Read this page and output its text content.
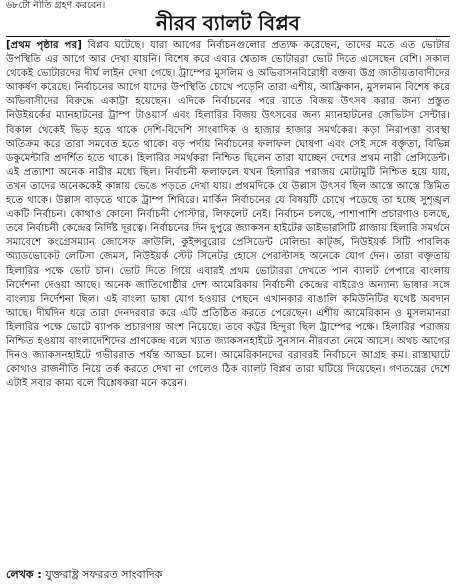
৬৮টো নীতি গ্রহণ করবেন।
নীরব ব্যালট বিপ্লব
[প্রথম পৃষ্ঠার পর] বিপ্লব ঘটেছে। যারা আগের নির্বাচনগুলোর প্রত্যক্ষ করেছেন, তাদের মতে এত ভোটার উপস্থিতি এর আগে আর দেখা যায়নি। বিশেষ করে এবার শ্বেতাঙ্গ ভোটাররা ভোট দিতে এসেছেন বেশি। সকাল থেকেই ভোটারদের দীর্ঘ লাইন দেখা গেছে। ট্রাম্পের মুসলিম ও অভিবাসনবিরোধী বক্তব্য উগ্র জাতীয়তাবাদীদের আকর্ষণ করেছে। নির্বাচনের আগে যাদের উপস্থিতি চোখে পড়েনি তারা এশীয়, আফ্রিকান, মুসলমান বিশেষ করে অভিবাসীদের বিরুদ্ধে একাট্টা হয়েছেন। এদিকে নির্বাচনের পরে রাতে বিজয় উৎসব করার জন্য প্রস্তুত নিউইয়র্কের ম্যানহাটনের ট্রাম্প টাওয়ার্স এবং হিলারির বিজয় উৎসবের জন্য ম্যানহাটনের জেভিটস সেন্টার। বিকাল থেকেই ভিড় হতে থাকে দেশি-বিদেশি সাংবাদিক ও হাজার হাজার সমর্থকের। কড়া নিরাপত্তা ব্যবস্থা অতিক্রম করে তারা সমবেত হতে থাকে। বড় পর্দায় নির্বাচনের ফলাফল ঘোষণা এবং সেই সঙ্গে বক্তৃতা, বিভিন্ন ডকুমেন্টারি প্রদর্শিত হতে থাকে। হিলারির সমর্থকরা নিশ্চিত ছিলেন তারা যাচ্ছেন দেশের প্রথম নারী প্রেসিডেন্ট। এই প্রত্যাশা অনেক নারীর মধ্যে ছিল। নির্বাচনী ফলাফলে যখন হিলারির পরাজয় মোটামুটি নিশ্চিত হয়ে যায়, তখন তাদের অনেককেই কান্নায় ভেঙে পড়তে দেখা যায়। প্রথমদিকে যে উল্লাস উৎসব ছিল আস্তে আস্তে স্তিমিত হতে থাকে। উল্লাস বাড়তে থাকে ট্রাম্প শিবিরে। মার্কিন নির্বাচনের যে বিষয়টি চোখে পড়েছে তা হচ্ছে সুশৃঙ্খল একটি নির্বাচন। কোথাও কোনো নির্বাচনী পোস্টার, লিফলেট নেই। নির্বাচন চলছে, পাশাপাশি প্রচারণাও চলছে, তবে নির্বাচনী কেন্দ্রের নির্দিষ্ট দূরত্বে। নির্বাচনের দিন দুপুরে জ্যাকসন হাইটের ডাইভারসিটি প্লাজায় হিলারি সমর্থনে সমাবেশে কংগ্রেসম্যান জোসেফ ক্রাউলি, কুইন্সবুরোর প্রেসিডেন্ট মেলিন্ডা কার্ট্জ, নিউইয়র্ক সিটি পাবলিক অ্যাডভোকেট লেটিসা জেমস, নিউইয়র্ক স্টেট সিনেটর হোসে পেরাল্টাসহ অনেকে যোগ দেন। তারা বক্তৃতায় হিলারির পক্ষে ভোট চান। ভোট দিতে গিয়ে এবারই প্রথম ভোটাররা দেখতে পান ব্যালট পেপারে বাংলায় নির্দেশনা দেওয়া আছে। অনেক জাতিগোষ্ঠীর দেশ আমেরিকায় নির্বাচনী কেন্দ্রের বাইরেও অন্যান্য ভাষার সঙ্গে বাংলায় নির্দেশনা ছিল। এই বাংলা ভাষা যোগ হওয়ার পেছনে এখানকার বাঙালি কমিউনিটির যথেষ্ট অবদান আছে। দীর্ঘদিন ধরে তারা দেনদরবার করে এটি প্রতিষ্ঠিত করতে পেরেছেন। এশীয় আমেরিকান ও মুসলমানরা হিলারির পক্ষে ভোটে ব্যাপক প্রচারণায় অংশ নিয়েছে। তবে কট্টর হিন্দুরা ছিল ট্রাম্পের পক্ষে। হিলারির পরাজয় নিশ্চিত হওয়ায় বাংলাদেশিদের প্রাণকেন্দ্র বলে খ্যাত জ্যাকসনহাইটে সুনসান নীরবতা নেমে আসে। অথচ আগের দিনও জ্যাকসনহাইটে গভীররাত পর্যন্ত আড্ডা চলে। আমেরিকানদের বরাবরই নির্বাচনে আগ্রহ কম। রাস্তাঘাটে কোথাও রাজনীতি নিয়ে তর্ক করতে দেখা না গেলেও ঠিক ব্যালট বিপ্লব তারা ঘটিয়ে দিয়েছেন। গণতন্ত্রের দেশে এটাই সবার কাম্য বলে বিশ্লেষকরা মনে করেন।
লেখক : যুক্তরাষ্ট্র সফররত সাংবাদিক
